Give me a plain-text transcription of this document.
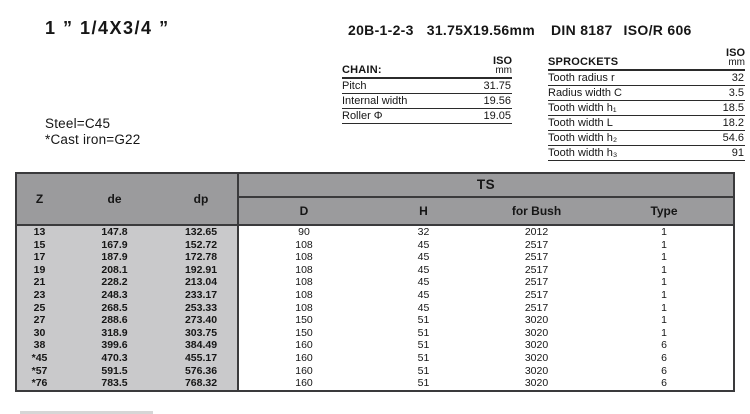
1 ” 1/4X3/4 ”	20B-1-2-3 31.75X19.56mm DIN 8187 ISO/R 606
CHAIN:
ISO
mm
Pitch	31.75
Internal width	19.56
Roller Φ	19.05
SPROCKETS
ISO
mm
Tooth radius r	32
Radius width C	3.5
Tooth width h₁	18.5
Tooth width L	18.2
Tooth width h₂	54.6
Tooth width h₃	91
Steel=C45
*Cast iron=G22
Z	de	dp
TS
D	H	for Bush	Type
13	147.8	132.65	90	32	2012	1
15	167.9	152.72	108	45	2517	1
17	187.9	172.78	108	45	2517	1
19	208.1	192.91	108	45	2517	1
21	228.2	213.04	108	45	2517	1
23	248.3	233.17	108	45	2517	1
25	268.5	253.33	108	45	2517	1
27	288.6	273.40	150	51	3020	1
30	318.9	303.75	150	51	3020	1
38	399.6	384.49	160	51	3020	6
*45	470.3	455.17	160	51	3020	6
*57	591.5	576.36	160	51	3020	6
*76	783.5	768.32	160	51	3020	6
